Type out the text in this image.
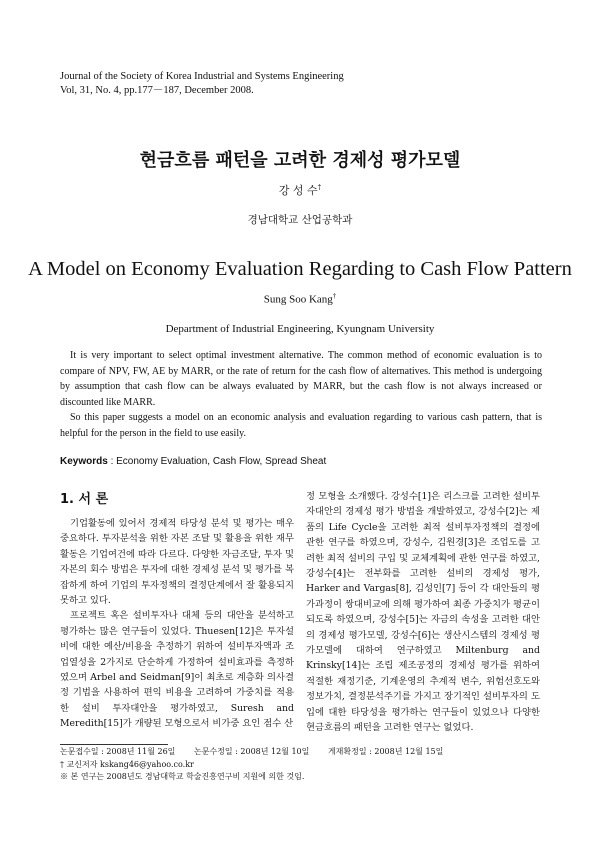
Journal of the Society of Korea Industrial and Systems Engineering
Vol, 31, No. 4, pp.177－187, December 2008.
현금흐름 패턴을 고려한 경제성 평가모델
강 성 수†
경남대학교 산업공학과
A Model on Economy Evaluation Regarding to Cash Flow Pattern
Sung Soo Kang†
Department of Industrial Engineering, Kyungnam University

It is very important to select optimal investment alternative. The common method of economic evaluation is to compare of NPV, FW, AE by MARR, or the rate of return for the cash flow of alternatives. This method is undergoing by assumption that cash flow can be always evaluated by MARR, but the cash flow is not always increased or discounted like MARR.

So this paper suggests a model on an economic analysis and evaluation regarding to various cash pattern, that is helpful for the person in the field to use easily.

Keywords : Economy Evaluation, Cash Flow, Spread Sheat
1. 서 론

기업활동에 있어서 경제적 타당성 분석 및 평가는 매우 중요하다. 투자분석을 위한 자본 조달 및 활용을 위한 재무활동은 기업여건에 따라 다르다. 다양한 자금조달, 투자 및 자본의 회수 방법은 투자에 대한 경제성 분석 및 평가를 복잡하게 하여 기업의 투자정책의 결정단계에서 잘 활용되지 못하고 있다.

프로젝트 혹은 설비투자나 대체 등의 대안을 분석하고 평가하는 많은 연구들이 있었다. Thuesen[12]은 투자설비에 대한 예산/비용을 추정하기 위하여 설비투자액과 조업열성을 2가지로 단순하게 가정하여 설비효과를 측정하였으며 Arbel and Seidman[9]이 최초로 계층화 의사결정 기법을 사용하여 편익 비용을 고려하여 가중치를 적용한 설비 투자대안을 평가하였고, Suresh and Meredith[15]가 개량된 모형으로서 비가중 요인 점수 산

정 모형을 소개했다. 강성수[1]은 리스크를 고려한 설비투자대안의 경제성 평가 방법을 개발하였고, 강성수[2]는 제품의 Life Cycle을 고려한 최적 설비투자정책의 결정에 관한 연구를 하였으며, 강성수, 김원경[3]은 조업도를 고려한 최적 설비의 구입 및 교체계획에 관한 연구를 하였고, 강성수[4]는 전부화를 고려한 설비의 경제성 평가, Harker and Vargas[8], 김성인[7] 등이 각 대안들의 평가과정이 쌍대비교에 의해 평가하여 최종 가중치가 평균이 되도록 하였으며, 강성수[5]는 자금의 속성을 고려한 대안의 경제성 평가모델, 강성수[6]는 생산시스템의 경제성 평가모델에 대하여 연구하였고 Miltenburg and Krinsky[14]는 조립 제조공정의 경제성 평가를 위하여 적절한 재정기준, 기계운영의 추계적 변수, 위험선호도와 정보가치, 결정분석주기를 가지고 장기적인 설비투자의 도입에 대한 타당성을 평가하는 연구들이 있었으나 다양한 현금흐름의 패턴을 고려한 연구는 없었다.

논문접수일 : 2008년 11월 26일 논문수정일 : 2008년 12월 10일 게재확정일 : 2008년 12월 15일
† 교신저자 kskang46@yahoo.co.kr
※ 본 연구는 2008년도 경남대학교 학술진흥연구비 지원에 의한 것임.
